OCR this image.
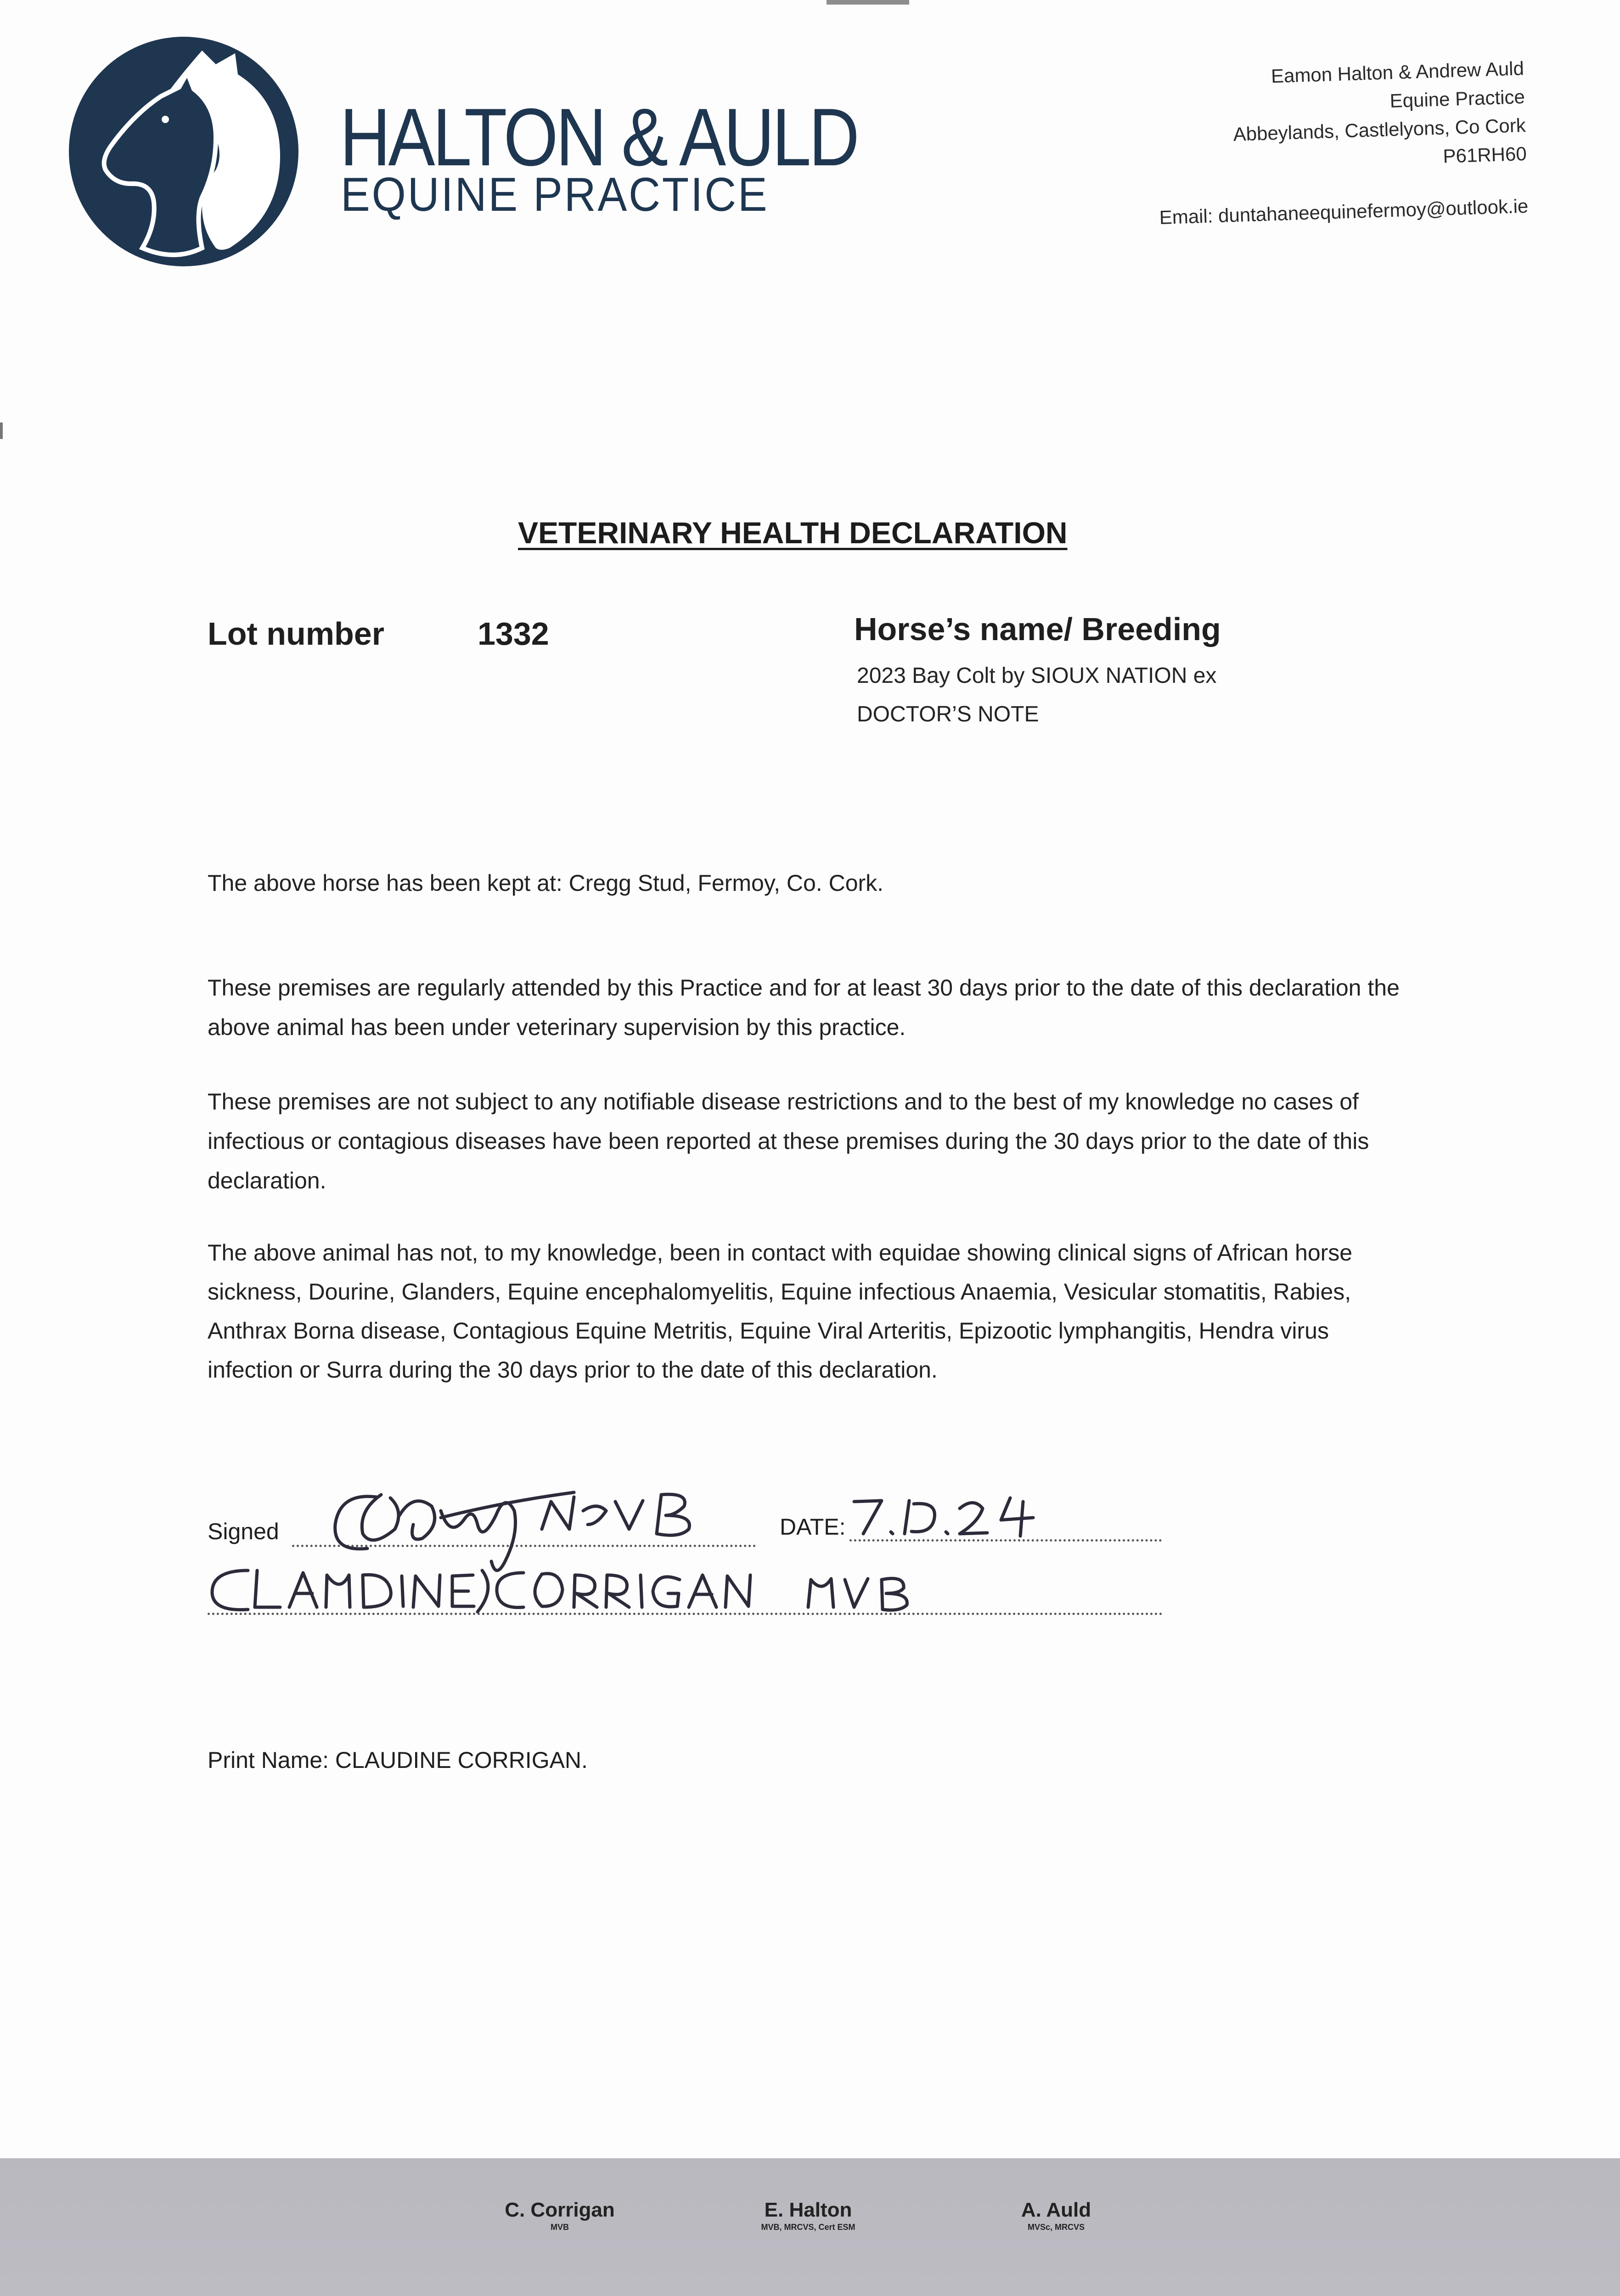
HALTON & AULD
EQUINE PRACTICE
Eamon Halton & Andrew Auld
Equine Practice
Abbeylands, Castlelyons, Co Cork
P61RH60
Email: duntahaneequinefermoy@outlook.ie
VETERINARY HEALTH DECLARATION
Lot number	1332	Horse’s name/ Breeding
2023 Bay Colt by SIOUX NATION ex
DOCTOR’S NOTE
The above horse has been kept at: Cregg Stud, Fermoy, Co. Cork.
These premises are regularly attended by this Practice and for at least 30 days prior to the date of this declaration the above animal has been under veterinary supervision by this practice.
These premises are not subject to any notifiable disease restrictions and to the best of my knowledge no cases of infectious or contagious diseases have been reported at these premises during the 30 days prior to the date of this declaration.
The above animal has not, to my knowledge, been in contact with equidae showing clinical signs of African horse sickness, Dourine, Glanders, Equine encephalomyelitis, Equine infectious Anaemia, Vesicular stomatitis, Rabies, Anthrax Borna disease, Contagious Equine Metritis, Equine Viral Arteritis, Epizootic lymphangitis, Hendra virus infection or Surra during the 30 days prior to the date of this declaration.
Signed	DATE:
Print Name: CLAUDINE CORRIGAN.
C. Corrigan
MVB
E. Halton
MVB, MRCVS, Cert ESM
A. Auld
MVSc, MRCVS
